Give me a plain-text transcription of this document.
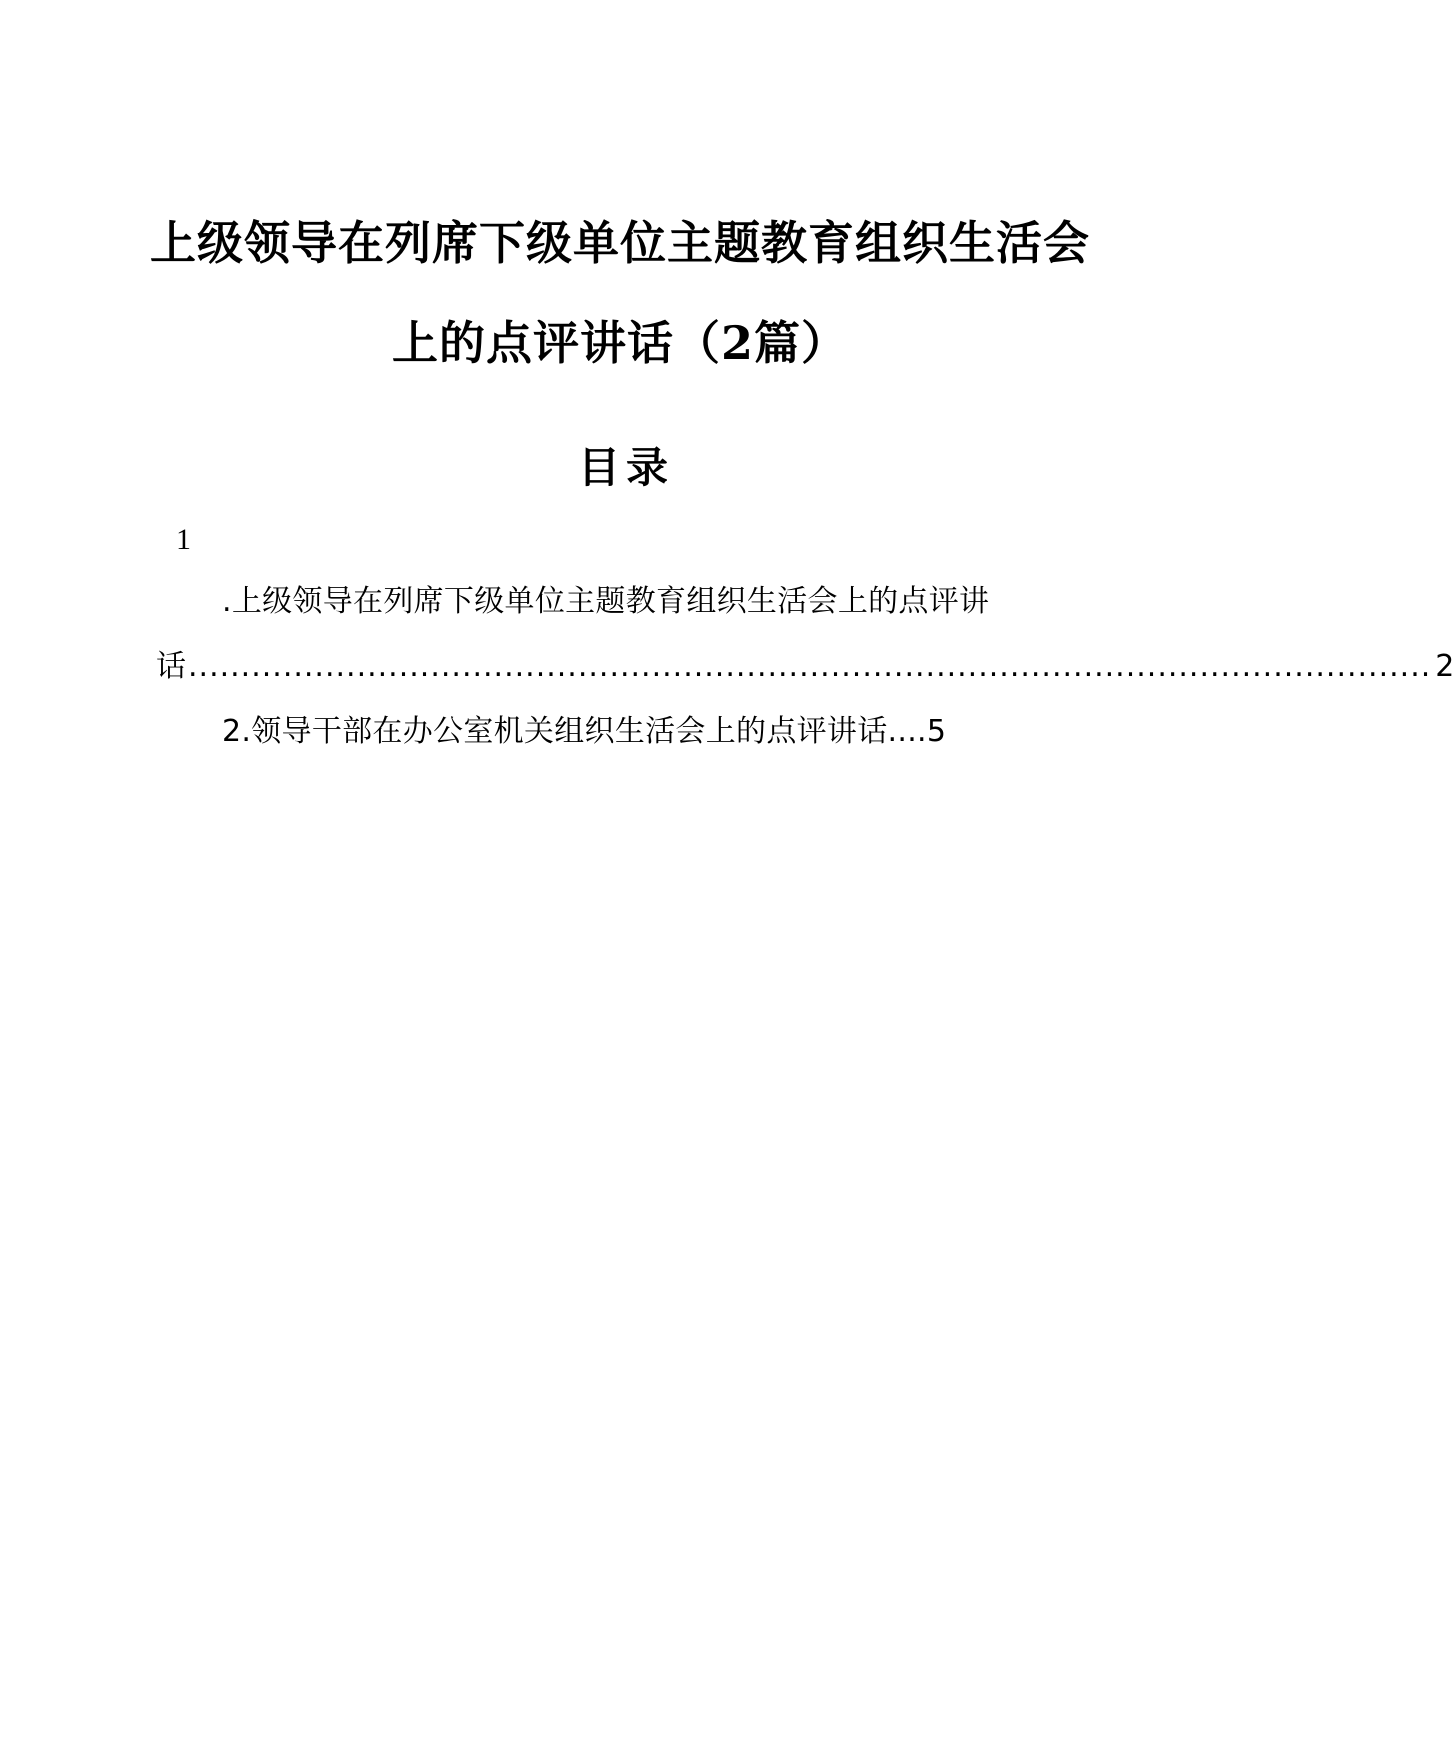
上级领导在列席下级单位主题教育组织生活会
上的点评讲话（2篇）
目录
1
.上级领导在列席下级单位主题教育组织生活会上的点评讲
话 ...................................................................................................................... 2
2.领导干部在办公室机关组织生活会上的点评讲话....5
